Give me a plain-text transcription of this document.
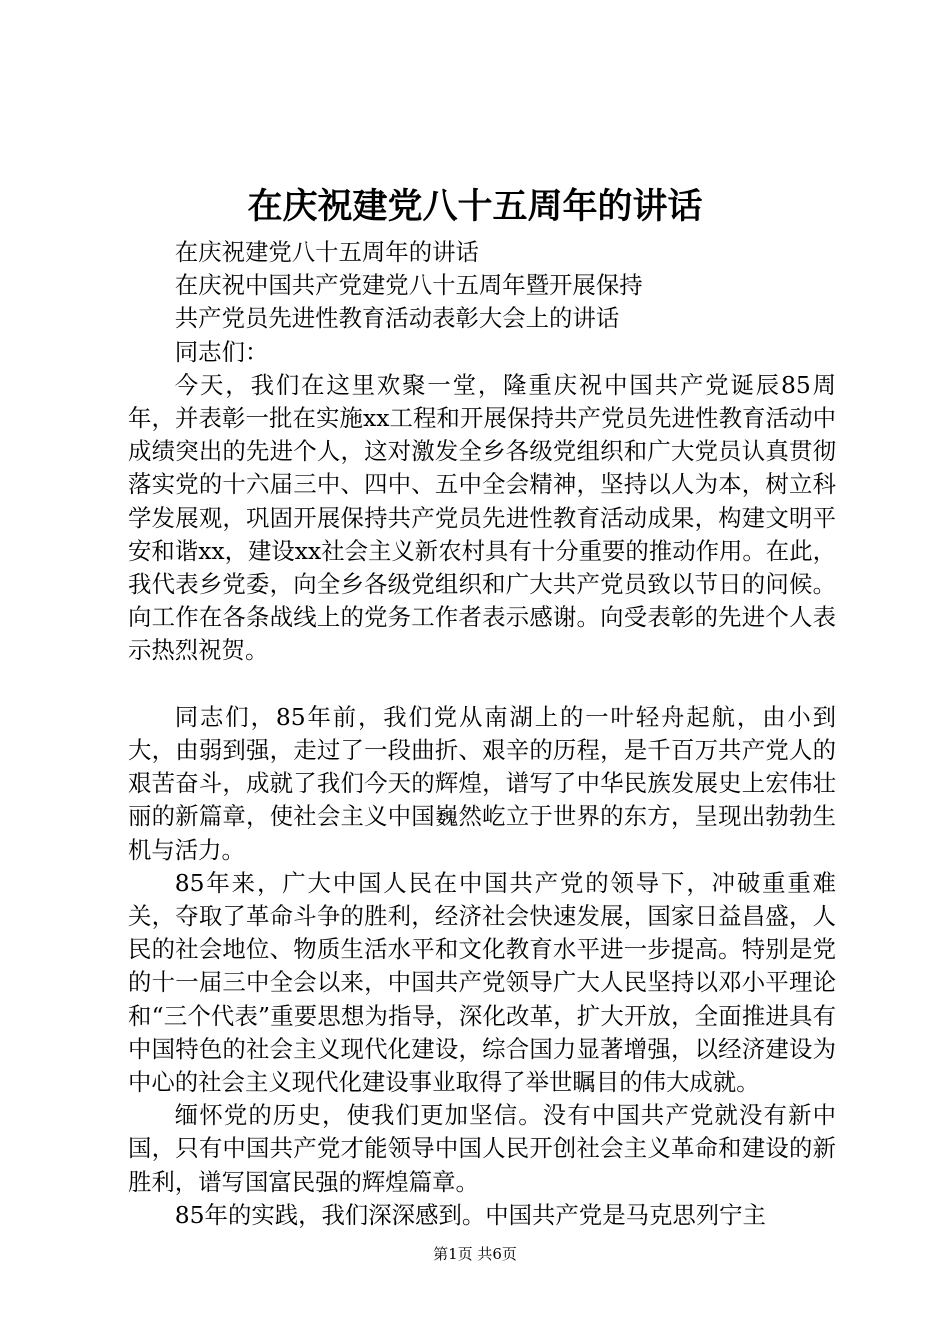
在庆祝建党八十五周年的讲话

在庆祝建党八十五周年的讲话

在庆祝中国共产党建党八十五周年暨开展保持

共产党员先进性教育活动表彰大会上的讲话

同志们：

今天，我们在这里欢聚一堂，隆重庆祝中国共产党诞辰85周年，并表彰一批在实施xx工程和开展保持共产党员先进性教育活动中成绩突出的先进个人，这对激发全乡各级党组织和广大党员认真贯彻落实党的十六届三中、四中、五中全会精神，坚持以人为本，树立科学发展观，巩固开展保持共产党员先进性教育活动成果，构建文明平安和谐xx，建设xx社会主义新农村具有十分重要的推动作用。在此，我代表乡党委，向全乡各级党组织和广大共产党员致以节日的问候。向工作在各条战线上的党务工作者表示感谢。向受表彰的先进个人表示热烈祝贺。

同志们，85年前，我们党从南湖上的一叶轻舟起航，由小到大，由弱到强，走过了一段曲折、艰辛的历程，是千百万共产党人的艰苦奋斗，成就了我们今天的辉煌，谱写了中华民族发展史上宏伟壮丽的新篇章，使社会主义中国巍然屹立于世界的东方，呈现出勃勃生机与活力。

85年来，广大中国人民在中国共产党的领导下，冲破重重难关，夺取了革命斗争的胜利，经济社会快速发展，国家日益昌盛，人民的社会地位、物质生活水平和文化教育水平进一步提高。特别是党的十一届三中全会以来，中国共产党领导广大人民坚持以邓小平理论和“三个代表”重要思想为指导，深化改革，扩大开放，全面推进具有中国特色的社会主义现代化建设，综合国力显著增强，以经济建设为中心的社会主义现代化建设事业取得了举世瞩目的伟大成就。

缅怀党的历史，使我们更加坚信。没有中国共产党就没有新中国，只有中国共产党才能领导中国人民开创社会主义革命和建设的新胜利，谱写国富民强的辉煌篇章。

85年的实践，我们深深感到。中国共产党是马克思列宁主

第1页 共6页
